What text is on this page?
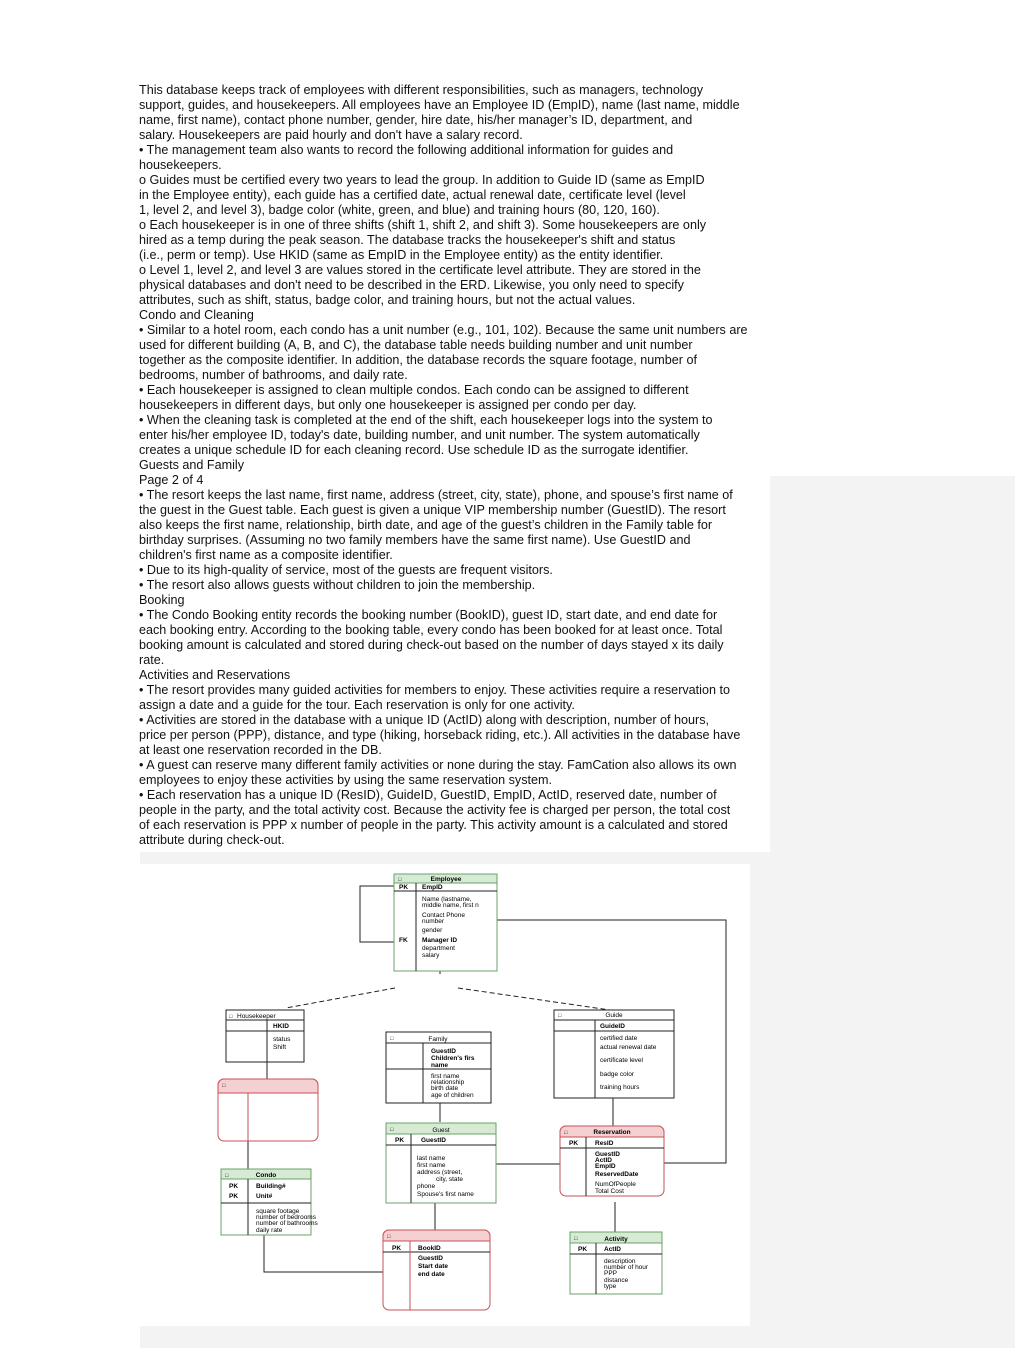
This database keeps track of employees with different responsibilities, such as managers, technology
support, guides, and housekeepers. All employees have an Employee ID (EmpID), name (last name, middle
name, first name), contact phone number, gender, hire date, his/her manager’s ID, department, and
salary. Housekeepers are paid hourly and don't have a salary record.
• The management team also wants to record the following additional information for guides and
housekeepers.
o Guides must be certified every two years to lead the group. In addition to Guide ID (same as EmpID
in the Employee entity), each guide has a certified date, actual renewal date, certificate level (level
1, level 2, and level 3), badge color (white, green, and blue) and training hours (80, 120, 160).
o Each housekeeper is in one of three shifts (shift 1, shift 2, and shift 3). Some housekeepers are only
hired as a temp during the peak season. The database tracks the housekeeper's shift and status
(i.e., perm or temp). Use HKID (same as EmpID in the Employee entity) as the entity identifier.
o Level 1, level 2, and level 3 are values stored in the certificate level attribute. They are stored in the
physical databases and don't need to be described in the ERD. Likewise, you only need to specify
attributes, such as shift, status, badge color, and training hours, but not the actual values.
Condo and Cleaning
• Similar to a hotel room, each condo has a unit number (e.g., 101, 102). Because the same unit numbers are
used for different building (A, B, and C), the database table needs building number and unit number
together as the composite identifier. In addition, the database records the square footage, number of
bedrooms, number of bathrooms, and daily rate.
• Each housekeeper is assigned to clean multiple condos. Each condo can be assigned to different
housekeepers in different days, but only one housekeeper is assigned per condo per day.
• When the cleaning task is completed at the end of the shift, each housekeeper logs into the system to
enter his/her employee ID, today's date, building number, and unit number. The system automatically
creates a unique schedule ID for each cleaning record. Use schedule ID as the surrogate identifier.
Guests and Family
Page 2 of 4
• The resort keeps the last name, first name, address (street, city, state), phone, and spouse’s first name of
the guest in the Guest table. Each guest is given a unique VIP membership number (GuestID). The resort
also keeps the first name, relationship, birth date, and age of the guest’s children in the Family table for
birthday surprises. (Assuming no two family members have the same first name). Use GuestID and
children's first name as a composite identifier.
• Due to its high-quality of service, most of the guests are frequent visitors.
• The resort also allows guests without children to join the membership.
Booking
• The Condo Booking entity records the booking number (BookID), guest ID, start date, and end date for
each booking entry. According to the booking table, every condo has been booked for at least once. Total
booking amount is calculated and stored during check-out based on the number of days stayed x its daily
rate.
Activities and Reservations
• The resort provides many guided activities for members to enjoy. These activities require a reservation to
assign a date and a guide for the tour. Each reservation is only for one activity.
• Activities are stored in the database with a unique ID (ActID) along with description, number of hours,
price per person (PPP), distance, and type (hiking, horseback riding, etc.). All activities in the database have
at least one reservation recorded in the DB.
• A guest can reserve many different family activities or none during the stay. FamCation also allows its own
employees to enjoy these activities by using the same reservation system.
• Each reservation has a unique ID (ResID), GuideID, GuestID, EmpID, ActID, reserved date, number of
people in the party, and the total activity cost. Because the activity fee is charged per person, the total cost
of each reservation is PPP x number of people in the party. This activity amount is a calculated and stored
attribute during check-out.
□	Employee
PK EmpID
Name (lastname,
middle name, first n
Contact Phone
number
gender
FK Manager ID
department
salary
□ Housekeeper
HKID
status
Shift
□
□	Family
GuestID
Children's firs
name
first name
relationship
birth date
age of children
□	Guide
GuideID
certified date
actual renewal date
certificate level
badge color
training hours
□	Guest
PK	GuestID
last name
first name
address (street,
city, state
phone
Spouse's first name
□	Reservation
PK	ResID
GuestID
ActID
EmpID
ReservedDate
NumOfPeople
Total Cost
□	Condo
PK	Building#
PK	Unit#
square footage
number of bedrooms
number of bathrooms
daily rate
□
PK	BookID
GuestID
Start date
end date
□	Activity
PK	ActID
description
number of hour
PPP
distance
type
